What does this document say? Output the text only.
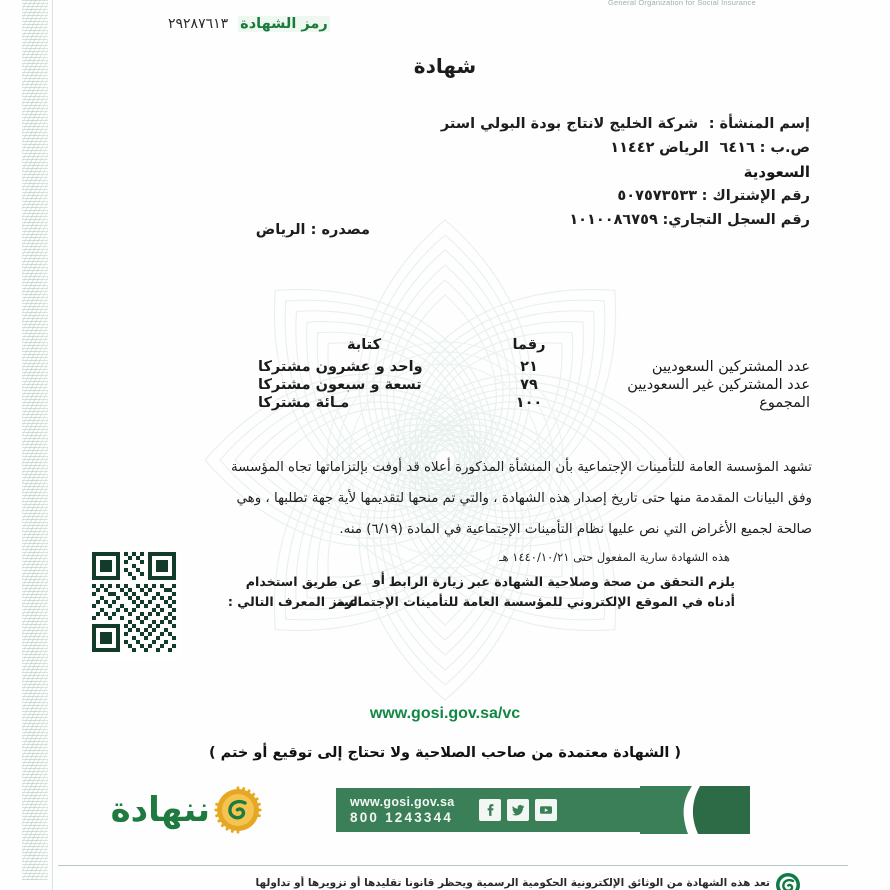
General Organization for Social Insurance
رمز الشهادة
٢٩٢٨٧٦١٣
شهادة
إسم المنشأة : شركة الخليج لانتاج بودة البولي استر
ص.ب : ٦٤١٦ الرياض ١١٤٤٢
السعودية
رقم الإشتراك : ٥٠٧٥٧٣٥٣٣
رقم السجل التجاري: ١٠١٠٠٨٦٧٥٩
مصدره : الرياض
	رقما	كتابة
عدد المشتركين السعوديين	٢١	واحد و عشرون مشتركا
عدد المشتركين غير السعوديين	٧٩	تسعة و سبعون مشتركا
المجموع	١٠٠	مـائة مشتركا
تشهد المؤسسة العامة للتأمينات الإجتماعية بأن المنشأة المذكورة أعلاه قد أوفت بإلتزاماتها تجاه المؤسسة
وفق البيانات المقدمة منها حتى تاريخ إصدار هذه الشهادة ، والتي تم منحها لتقديمها لأية جهة تطلبها ، وهي
صالحة لجميع الأغراض التي نص عليها نظام التأمينات الإجتماعية في المادة (٦/١٩) منه.
هذه الشهادة سارية المفعول حتى ١٤٤٠/١٠/٢١ هـ
يلزم التحقق من صحة وصلاحية الشهادة عبر زيارة الرابط
أدناه في الموقع الإلكتروني للمؤسسة العامة للتأمينات الإجتماعية
أو
عن طريق استخدام
الرمز المعرف التالي :
www.gosi.gov.sa/vc
( الشهادة معتمدة من صاحب الصلاحية ولا تحتاج إلى توقيع أو ختم )
ننهادة	www.gosi.gov.sa
800 1243344
تعد هذه الشهادة من الوثائق الإلكترونية الحكومية الرسمية ويحظر قانونا تقليدها أو تزويرها أو تداولها
